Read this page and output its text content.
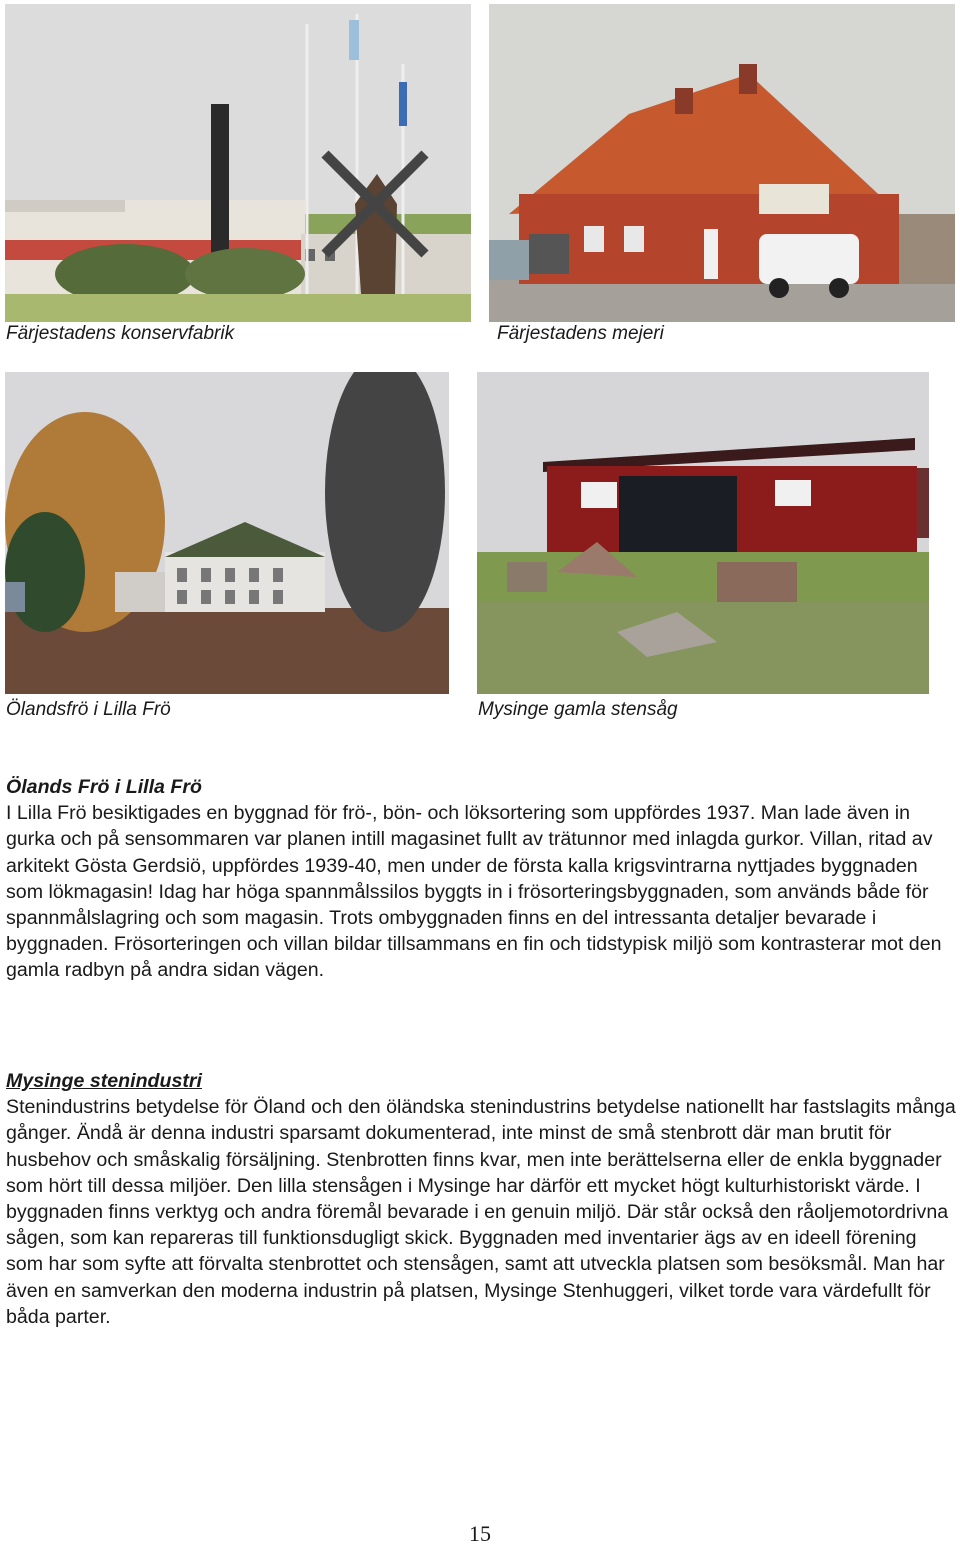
Färjestadens konservfabrik	Färjestadens mejeri
Ölandsfrö i Lilla Frö	Mysinge gamla stensåg
Ölands Frö i Lilla Frö

I Lilla Frö besiktigades en byggnad för frö-, bön- och löksortering som uppfördes 1937. Man lade även in gurka och på sensommaren var planen intill magasinet fullt av trätunnor med inlagda gurkor. Villan, ritad av arkitekt Gösta Gerdsiö, uppfördes 1939-40, men under de första kalla krigsvintrarna nyttjades byggnaden som lökmagasin! Idag har höga spannmålssilos byggts in i frösorteringsbyggnaden, som används både för spannmålslagring och som magasin. Trots ombyggnaden finns en del intressanta detaljer bevarade i byggnaden. Frösorteringen och villan bildar tillsammans en fin och tidstypisk miljö som kontrasterar mot den gamla radbyn på andra sidan vägen.

Mysinge stenindustri

Stenindustrins betydelse för Öland och den öländska stenindustrins betydelse nationellt har fastslagits många gånger. Ändå är denna industri sparsamt dokumenterad, inte minst de små stenbrott där man brutit för husbehov och småskalig försäljning. Stenbrotten finns kvar, men inte berättelserna eller de enkla byggnader som hört till dessa miljöer. Den lilla stensågen i Mysinge har därför ett mycket högt kulturhistoriskt värde. I byggnaden finns verktyg och andra föremål bevarade i en genuin miljö. Där står också den råoljemotordrivna sågen, som kan repareras till funktionsdugligt skick. Byggnaden med inventarier ägs av en ideell förening som har som syfte att förvalta stenbrottet och stensågen, samt att utveckla platsen som besöksmål. Man har även en samverkan den moderna industrin på platsen, Mysinge Stenhuggeri, vilket torde vara värdefullt för båda parter.

15
